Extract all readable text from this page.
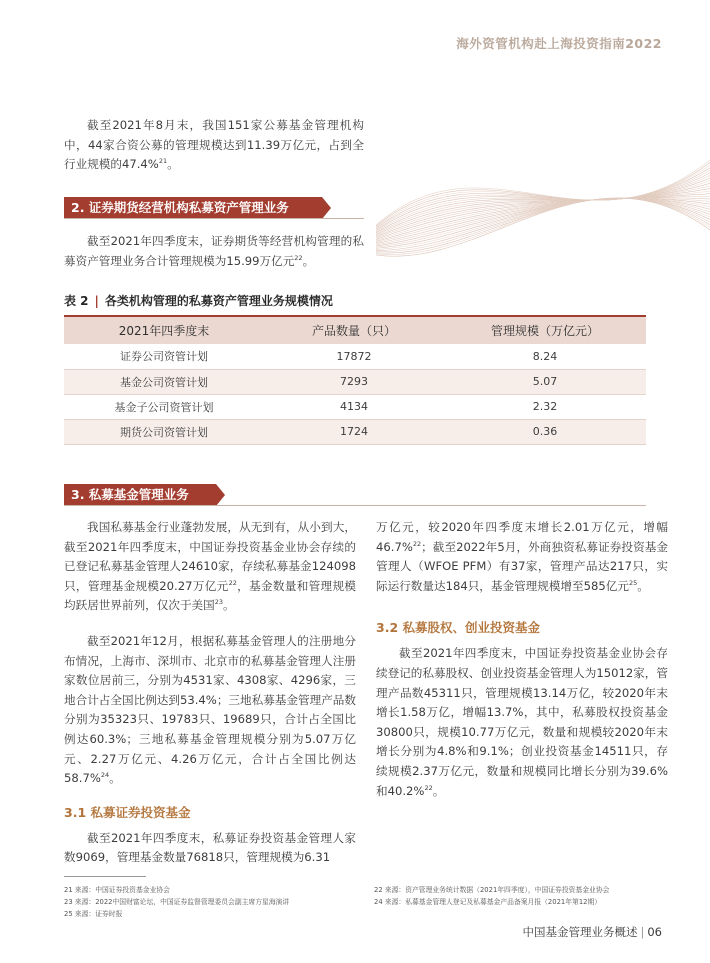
海外资管机构赴上海投资指南2022

截至2021年8月末，我国151家公募基金管理机构中，44家合资公募的管理规模达到11.39万亿元，占到全行业规模的47.4%$^{21}$。

2. 证券期货经营机构私募资产管理业务

截至2021年四季度末，证券期货等经营机构管理的私募资产管理业务合计管理规模为15.99万亿元$^{22}$。

表 2 | 各类机构管理的私募资产管理业务规模情况
2021年四季度末	产品数量（只）	管理规模（万亿元）
证券公司资管计划	17872	8.24
基金公司资管计划	7293	5.07
基金子公司资管计划	4134	2.32
期货公司资管计划	1724	0.36
3. 私募基金管理业务

我国私募基金行业蓬勃发展，从无到有，从小到大，截至2021年四季度末，中国证券投资基金业协会存续的已登记私募基金管理人24610家，存续私募基金124098只，管理基金规模20.27万亿元$^{22}$，基金数量和管理规模均跃居世界前列，仅次于美国$^{23}$。

截至2021年12月，根据私募基金管理人的注册地分布情况，上海市、深圳市、北京市的私募基金管理人注册家数位居前三，分别为4531家、4308家、4296家，三地合计占全国比例达到53.4%；三地私募基金管理产品数分别为35323只、19783只、19689只，合计占全国比例达60.3%；三地私募基金管理规模分别为5.07万亿元、2.27万亿元、4.26万亿元，合计占全国比例达58.7%$^{24}$。

3.1 私募证券投资基金

截至2021年四季度末，私募证券投资基金管理人家数9069，管理基金数量76818只，管理规模为6.31

万亿元，较2020年四季度末增长2.01万亿元，增幅46.7%$^{22}$；截至2022年5月，外商独资私募证券投资基金管理人（WFOE PFM）有37家，管理产品达217只，实际运行数量达184只，基金管理规模增至585亿元$^{25}$。

3.2 私募股权、创业投资基金

截至2021年四季度末，中国证券投资基金业协会存续登记的私募股权、创业投资基金管理人为15012家，管理产品数45311只，管理规模13.14万亿，较2020年末增长1.58万亿，增幅13.7%，其中，私募股权投资基金30800只，规模10.77万亿元，数量和规模较2020年末增长分别为4.8%和9.1%；创业投资基金14511只，存续规模2.37万亿元，数量和规模同比增长分别为39.6%和40.2%$^{22}$。

21 来源：中国证券投资基金业协会
23 来源：2022中国财富论坛，中国证券监督管理委员会副主席方星海演讲
25 来源：证券时报
22 来源：资产管理业务统计数据（2021年四季度），中国证券投资基金业协会
24 来源：私募基金管理人登记及私募基金产品备案月报（2021年第12期）
中国基金管理业务概述 | 06
